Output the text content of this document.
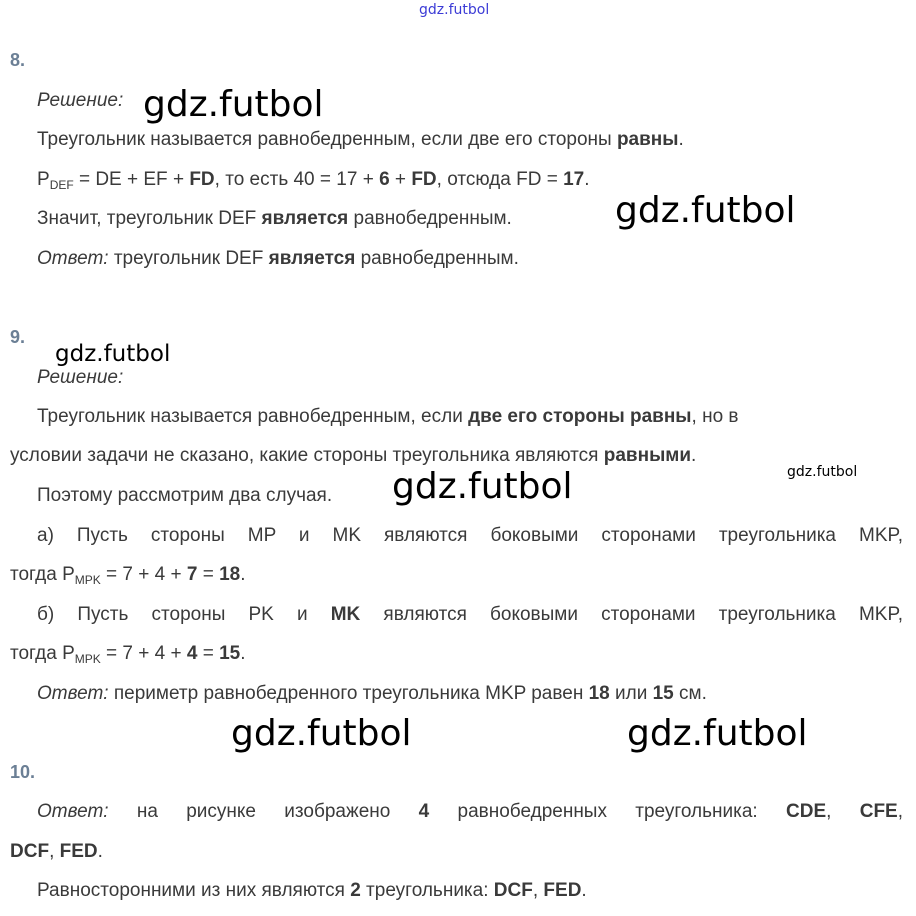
gdz.futbol
8.
Решение:
Треугольник называется равнобедренным, если две его стороны равны.
$P_{DEF}$ = DE + EF + FD, то есть 40 = 17 + 6 + FD, отсюда FD = 17.
Значит, треугольник DEF является равнобедренным.
Ответ: треугольник DEF является равнобедренным.
9.
Решение:
Треугольник называется равнобедренным, если две его стороны равны, но в
условии задачи не сказано, какие стороны треугольника являются равными.
Поэтому рассмотрим два случая.
а) Пусть стороны MP и MK являются боковыми сторонами треугольника MKP,
тогда $P_{MPK} = 7 + 4 + 7 = 18$.
б) Пусть стороны PK и MK являются боковыми сторонами треугольника MKP,
тогда $P_{MPK} = 7 + 4 + 4 = 15$.
Ответ: периметр равнобедренного треугольника MKP равен 18 или 15 см.
10.
Ответ: на рисунке изображено 4 равнобедренных треугольника: CDE, CFE,
DCF, FED.
Равносторонними из них являются 2 треугольника: DCF, FED.
gdz.futbol
gdz.futbol
gdz.futbol
gdz.futbol
gdz.futbol
gdz.futbol	gdz.futbol
